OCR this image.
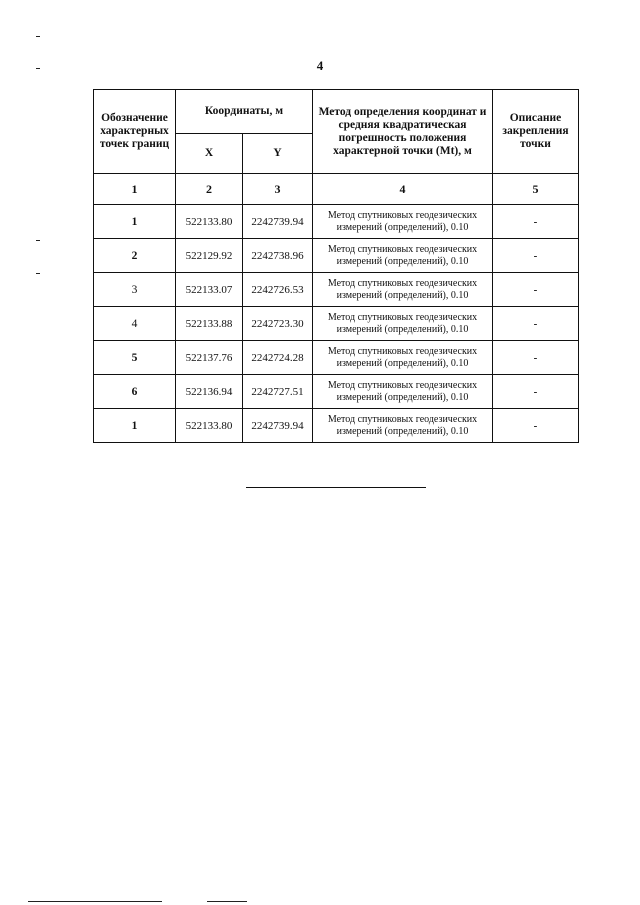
4
Обозначение характерных точек границ	Координаты, м		Метод определения координат и средняя квадратическая погрешность положения характерной точки (Mt), м	Описание закрепления точки
	X	Y		
1	2	3	4	5
1	522133.80	2242739.94	Метод спутниковых геодезических измерений (определений), 0.10	-
2	522129.92	2242738.96	Метод спутниковых геодезических измерений (определений), 0.10	-
3	522133.07	2242726.53	Метод спутниковых геодезических измерений (определений), 0.10	-
4	522133.88	2242723.30	Метод спутниковых геодезических измерений (определений), 0.10	-
5	522137.76	2242724.28	Метод спутниковых геодезических измерений (определений), 0.10	-
6	522136.94	2242727.51	Метод спутниковых геодезических измерений (определений), 0.10	-
1	522133.80	2242739.94	Метод спутниковых геодезических измерений (определений), 0.10	-
